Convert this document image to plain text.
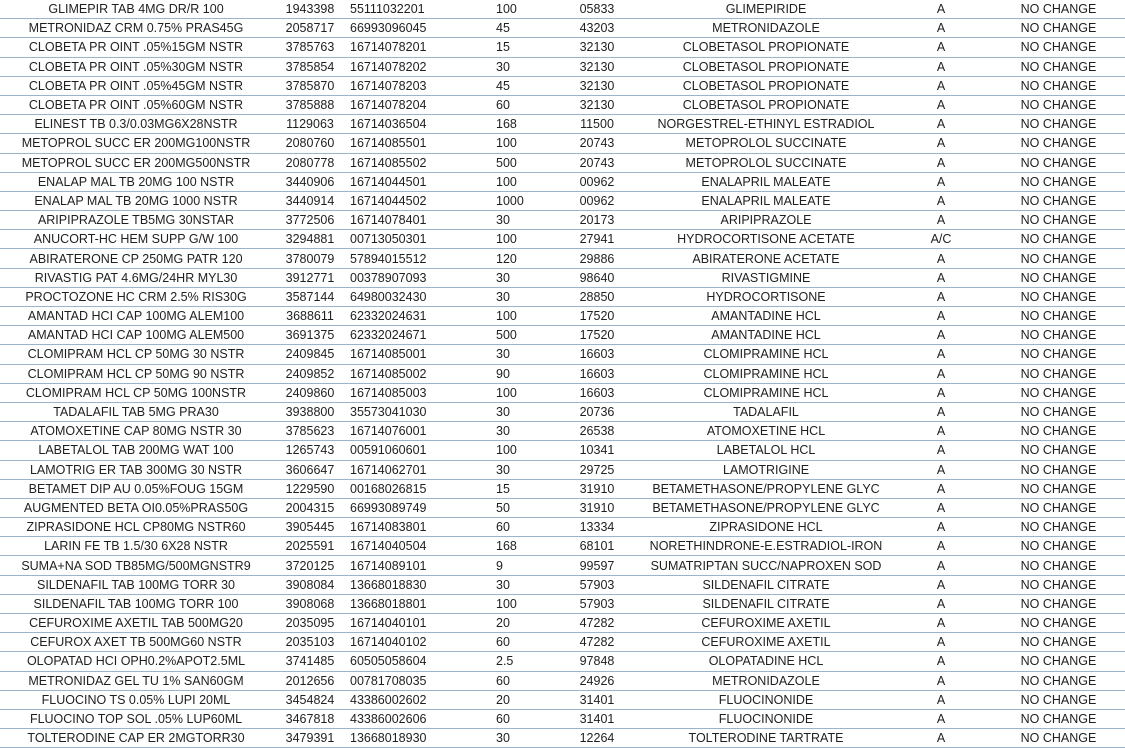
GLIMEPIR TAB 4MG DR/R 100	1943398	55111032201	100	05833	GLIMEPIRIDE	A	NO CHANGE
METRONIDAZ CRM 0.75% PRAS45G	2058717	66993096045	45	43203	METRONIDAZOLE	A	NO CHANGE
CLOBETA PR OINT .05%15GM NSTR	3785763	16714078201	15	32130	CLOBETASOL PROPIONATE	A	NO CHANGE
CLOBETA PR OINT .05%30GM NSTR	3785854	16714078202	30	32130	CLOBETASOL PROPIONATE	A	NO CHANGE
CLOBETA PR OINT .05%45GM NSTR	3785870	16714078203	45	32130	CLOBETASOL PROPIONATE	A	NO CHANGE
CLOBETA PR OINT .05%60GM NSTR	3785888	16714078204	60	32130	CLOBETASOL PROPIONATE	A	NO CHANGE
ELINEST TB 0.3/0.03MG6X28NSTR	1129063	16714036504	168	11500	NORGESTREL-ETHINYL ESTRADIOL	A	NO CHANGE
METOPROL SUCC ER 200MG100NSTR	2080760	16714085501	100	20743	METOPROLOL SUCCINATE	A	NO CHANGE
METOPROL SUCC ER 200MG500NSTR	2080778	16714085502	500	20743	METOPROLOL SUCCINATE	A	NO CHANGE
ENALAP MAL TB 20MG 100 NSTR	3440906	16714044501	100	00962	ENALAPRIL MALEATE	A	NO CHANGE
ENALAP MAL TB 20MG 1000 NSTR	3440914	16714044502	1000	00962	ENALAPRIL MALEATE	A	NO CHANGE
ARIPIPRAZOLE TB5MG 30NSTAR	3772506	16714078401	30	20173	ARIPIPRAZOLE	A	NO CHANGE
ANUCORT-HC HEM SUPP G/W 100	3294881	00713050301	100	27941	HYDROCORTISONE ACETATE	A/C	NO CHANGE
ABIRATERONE CP 250MG PATR 120	3780079	57894015512	120	29886	ABIRATERONE ACETATE	A	NO CHANGE
RIVASTIG PAT 4.6MG/24HR MYL30	3912771	00378907093	30	98640	RIVASTIGMINE	A	NO CHANGE
PROCTOZONE HC CRM 2.5% RIS30G	3587144	64980032430	30	28850	HYDROCORTISONE	A	NO CHANGE
AMANTAD HCI CAP 100MG ALEM100	3688611	62332024631	100	17520	AMANTADINE HCL	A	NO CHANGE
AMANTAD HCI CAP 100MG ALEM500	3691375	62332024671	500	17520	AMANTADINE HCL	A	NO CHANGE
CLOMIPRAM HCL CP 50MG 30 NSTR	2409845	16714085001	30	16603	CLOMIPRAMINE HCL	A	NO CHANGE
CLOMIPRAM HCL CP 50MG 90 NSTR	2409852	16714085002	90	16603	CLOMIPRAMINE HCL	A	NO CHANGE
CLOMIPRAM HCL CP 50MG 100NSTR	2409860	16714085003	100	16603	CLOMIPRAMINE HCL	A	NO CHANGE
TADALAFIL TAB 5MG PRA30	3938800	35573041030	30	20736	TADALAFIL	A	NO CHANGE
ATOMOXETINE CAP 80MG NSTR 30	3785623	16714076001	30	26538	ATOMOXETINE HCL	A	NO CHANGE
LABETALOL TAB 200MG WAT 100	1265743	00591060601	100	10341	LABETALOL HCL	A	NO CHANGE
LAMOTRIG ER TAB 300MG 30 NSTR	3606647	16714062701	30	29725	LAMOTRIGINE	A	NO CHANGE
BETAMET DIP AU 0.05%FOUG 15GM	1229590	00168026815	15	31910	BETAMETHASONE/PROPYLENE GLYC	A	NO CHANGE
AUGMENTED BETA OI0.05%PRAS50G	2004315	66993089749	50	31910	BETAMETHASONE/PROPYLENE GLYC	A	NO CHANGE
ZIPRASIDONE HCL CP80MG NSTR60	3905445	16714083801	60	13334	ZIPRASIDONE HCL	A	NO CHANGE
LARIN FE TB 1.5/30 6X28 NSTR	2025591	16714040504	168	68101	NORETHINDRONE-E.ESTRADIOL-IRON	A	NO CHANGE
SUMA+NA SOD TB85MG/500MGNSTR9	3720125	16714089101	9	99597	SUMATRIPTAN SUCC/NAPROXEN SOD	A	NO CHANGE
SILDENAFIL TAB 100MG TORR 30	3908084	13668018830	30	57903	SILDENAFIL CITRATE	A	NO CHANGE
SILDENAFIL TAB 100MG TORR 100	3908068	13668018801	100	57903	SILDENAFIL CITRATE	A	NO CHANGE
CEFUROXIME AXETIL TAB 500MG20	2035095	16714040101	20	47282	CEFUROXIME AXETIL	A	NO CHANGE
CEFUROX AXET TB 500MG60 NSTR	2035103	16714040102	60	47282	CEFUROXIME AXETIL	A	NO CHANGE
OLOPATAD HCI OPH0.2%APOT2.5ML	3741485	60505058604	2.5	97848	OLOPATADINE HCL	A	NO CHANGE
METRONIDAZ GEL TU 1% SAN60GM	2012656	00781708035	60	24926	METRONIDAZOLE	A	NO CHANGE
FLUOCINO TS 0.05% LUPI 20ML	3454824	43386002602	20	31401	FLUOCINONIDE	A	NO CHANGE
FLUOCINO TOP SOL .05% LUP60ML	3467818	43386002606	60	31401	FLUOCINONIDE	A	NO CHANGE
TOLTERODINE CAP ER 2MGTORR30	3479391	13668018930	30	12264	TOLTERODINE TARTRATE	A	NO CHANGE
